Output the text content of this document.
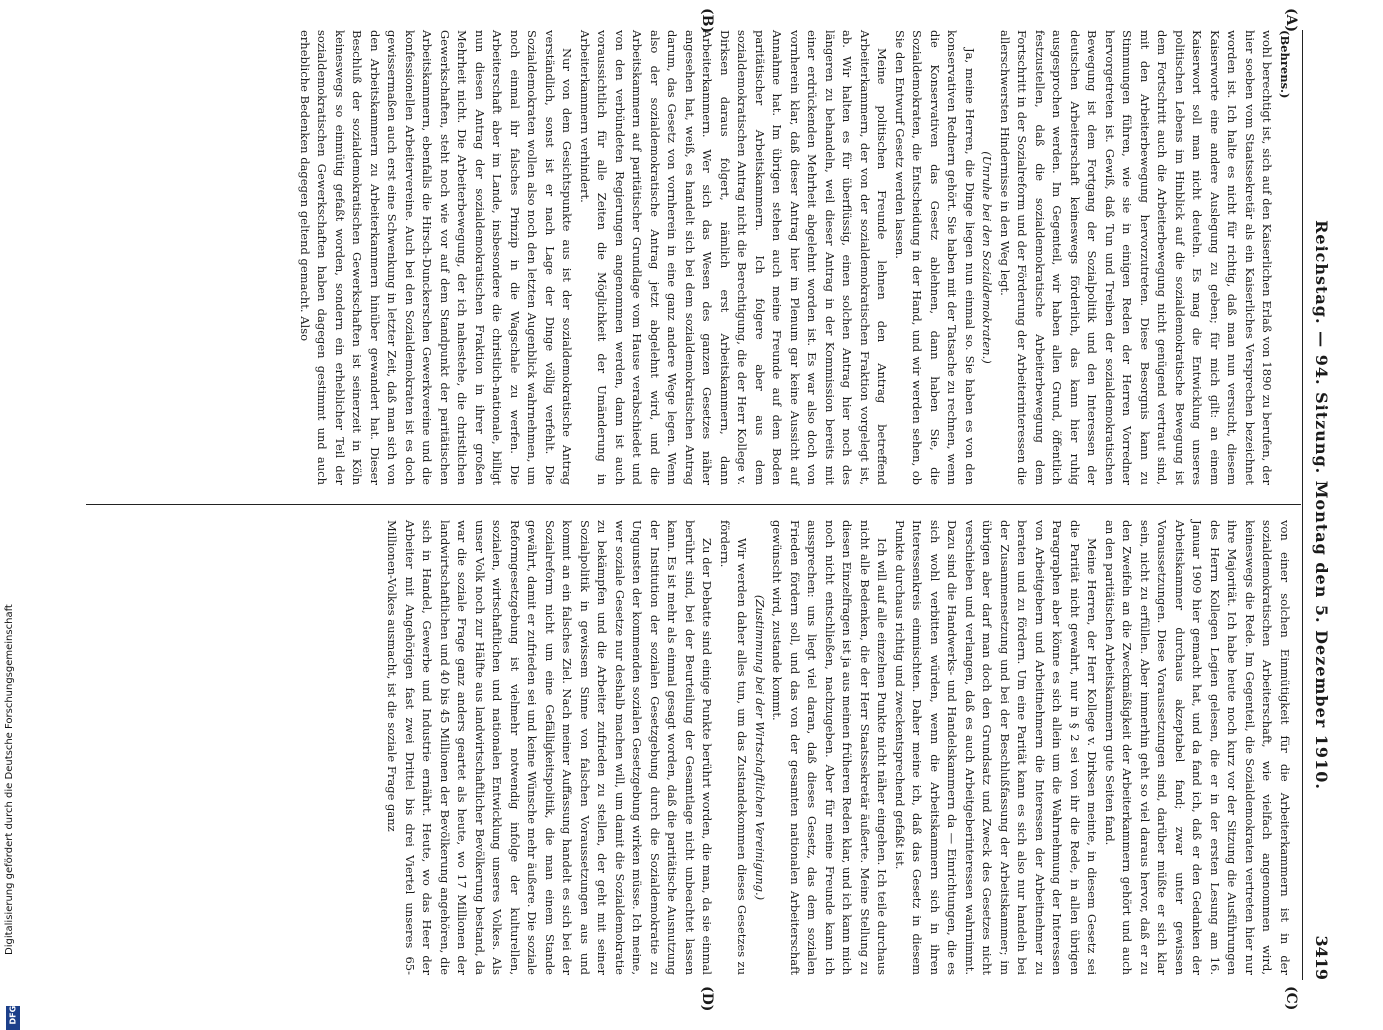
Digitalisierung gefördert durch die Deutsche Forschungsgemeinschaft
DFG
Reichstag. — 94. Sitzung. Montag den 5. Dezember 1910.
3419
(A)
(B)
(C)
(D)

(Behrens.)

wohl berechtigt ist, sich auf den Kaiserlichen Erlaß von 1890 zu berufen, der hier soeben vom Staatssekretär als ein Kaiserliches Versprechen bezeichnet worden ist. Ich halte es nicht für richtig, daß man nun versucht, diesem Kaiserworte eine andere Auslegung zu geben; für mich gilt: an einem Kaiserwort soll man nicht deuteln. Es mag die Entwicklung unseres politischen Lebens im Hinblick auf die sozialdemokratische Bewegung ist dem Fortschritt auch die Arbeiterbewegung nicht genügend vertraut sind, mit den Arbeiterbewegung hervorzutreten. Diese Besorgnis kann zu Stimmungen führen, wie sie in einigen Reden der Herren Vorredner hervorgetreten ist. Gewiß, daß Tun und Treiben der sozialdemokratischen Bewegung ist dem Fortgang der Sozialpolitik und den Interessen der deutschen Arbeiterschaft keineswegs förderlich, das kann hier ruhig ausgesprochen werden. Im Gegenteil, wir haben allen Grund, öffentlich festzustellen, daß die sozialdemokratische Arbeiterbewegung dem Fortschritt in der Sozialreform und der Förderung der Arbeiterinteressen die allerschwersten Hindernisse in den Weg legt.

(Unruhe bei den Sozialdemokraten.)

Ja, meine Herren, die Dinge liegen nun einmal so. Sie haben es von den konservativen Rednern gehört. Sie haben mit der Tatsache zu rechnen, wenn die Konservativen das Gesetz ablehnen, dann haben Sie, die Sozialdemokraten, die Entscheidung in der Hand, und wir werden sehen, ob Sie den Entwurf Gesetz werden lassen.

Meine politischen Freunde lehnen den Antrag betreffend Arbeiterkammern, der von der sozialdemokratischen Fraktion vorgelegt ist, ab. Wir halten es für überflüssig, einen solchen Antrag hier noch des längeren zu behandeln, weil dieser Antrag in der Kommission bereits mit einer erdrückenden Mehrheit abgelehnt worden ist. Es war also doch von vornherein klar, daß dieser Antrag hier im Plenum gar keine Aussicht auf Annahme hat. Im übrigen stehen auch meine Freunde auf dem Boden paritätischer Arbeitskammern. Ich folgere aber aus dem sozialdemokratischen Antrag nicht die Berechtigung, die der Herr Kollege v. Dirksen daraus folgert, nämlich erst Arbeitskammern, dann Arbeiterkammern. Wer sich das Wesen des ganzen Gesetzes näher angesehen hat, weiß, es handelt sich bei dem sozialdemokratischen Antrag darum, das Gesetz von vornherein in eine ganz andere Wege legen. Wenn also der sozialdemokratische Antrag jetzt abgelehnt wird, und die Arbeitskammern auf paritätischer Grundlage vom Hause verabschiedet und von den verbündeten Regierungen angenommen werden, dann ist auch voraussichtlich für alle Zeiten die Möglichkeit der Umänderung in Arbeiterkammern verhindert.

Nur von dem Gesichtspunkte aus ist der sozialdemokratische Antrag verständlich, sonst ist er nach Lage der Dinge völlig verfehlt. Die Sozialdemokraten wollen also noch den letzten Augenblick wahrnehmen, um noch einmal ihr falsches Prinzip in die Wagschale zu werfen. Die Arbeiterschaft aber im Lande, insbesondere die christlich-nationale, billigt nun diesen Antrag der sozialdemokratischen Fraktion in ihrer großen Mehrheit nicht. Die Arbeiterbewegung, der ich nahestehe, die christlichen Gewerkschaften, steht noch wie vor auf dem Standpunkt der paritätischen Arbeitskammern, ebenfalls die Hirsch-Dunckerschen Gewerkvereine und die konfessionellen Arbeitervereine. Auch bei den Sozialdemokraten ist es doch gewissermaßen auch erst eine Schwenkung in letzter Zeit, daß man sich von den Arbeitskammern zu Arbeiterkammern hinüber gewandert hat. Dieser Beschluß der sozialdemokratischen Gewerkschaften ist seinerzeit in Köln keineswegs so einmütig gefaßt worden, sondern ein erheblicher Teil der sozialdemokratischen Gewerkschaften haben dagegen gestimmt und auch erhebliche Bedenken dagegen geltend gemacht. Also

von einer solchen Einmütigkeit für die Arbeiterkammern ist in der sozialdemokratischen Arbeiterschaft, wie vielfach angenommen wird, keineswegs die Rede. Im Gegenteil, die Sozialdemokraten vertreten hier nur ihre Majorität. Ich habe heute noch kurz vor der Sitzung die Ausführungen des Herrn Kollegen Legien gelesen, die er in der ersten Lesung am 16. Januar 1909 hier gemacht hat, und da fand ich, daß er den Gedanken der Arbeitskammer durchaus akzeptabel fand; zwar unter gewissen Voraussetzungen. Diese Voraussetzungen sind, darüber müßte er sich klar sein, nicht zu erfüllen. Aber immerhin geht so viel daraus hervor, daß er zu den Zweifeln an die Zweckmäßigkeit der Arbeiterkammern gehört und auch an den paritätischen Arbeitskammern gute Seiten fand.

Meine Herren, der Herr Kollege v. Dirksen meinte, in diesem Gesetz sei die Parität nicht gewahrt, nur in § 2 sei von ihr die Rede, in allen übrigen Paragraphen aber könne es sich allein um die Wahrnehmung der Interessen von Arbeitgebern und Arbeitnehmern die Interessen der Arbeitnehmer zu beraten und zu fördern. Um eine Parität kann es sich also nur handeln bei der Zusammensetzung und bei der Beschlußfassung der Arbeitskammer; im übrigen aber darf man doch den Grundsatz und Zweck des Gesetzes nicht verschieben und verlangen, daß es auch Arbeitgeberinteressen wahrnimmt. Dazu sind die Handwerks- und Handelskammern da — Einrichtungen, die es sich wohl verbitten würden, wenn die Arbeitskammern sich in ihren Interessenkreis einmischten. Daher meine ich, daß das Gesetz in diesem Punkte durchaus richtig und zweckentsprechend gefaßt ist.

Ich will auf alle einzelnen Punkte nicht näher eingehen. Ich teile durchaus nicht alle Bedenken, die der Herr Staatssekretär äußerte. Meine Stellung zu diesen Einzelfragen ist ja aus meinen früheren Reden klar, und ich kann mich noch nicht entschließen, nachzugeben. Aber für meine Freunde kann ich aussprechen: uns liegt viel daran, daß dieses Gesetz, das dem sozialen Frieden fördern soll, und das von der gesamten nationalen Arbeiterschaft gewünscht wird, zustande kommt.

(Zustimmung bei der Wirtschaftlichen Vereinigung.)

Wir werden daher alles tun, um das Zustandekommen dieses Gesetzes zu fördern.

Zu der Debatte sind einige Punkte berührt worden, die man, da sie einmal berührt sind, bei der Beurteilung der Gesamtlage nicht unbeachtet lassen kann. Es ist mehr als einmal gesagt worden, daß die paritätische Ausnutzung der Institution der sozialen Gesetzgebung durch die Sozialdemokratie zu Ungunsten der kommenden sozialen Gesetzgebung wirken müsse. Ich meine, wer soziale Gesetze nur deshalb machen will, um damit die Sozialdemokratie zu bekämpfen und die Arbeiter zufrieden zu stellen, der geht mit seiner Sozialpolitik in gewissem Sinne von falschen Voraussetzungen aus und kommt an ein falsches Ziel. Nach meiner Auffassung handelt es sich bei der Sozialreform nicht um eine Gefälligkeitspolitik, die man einem Stande gewährt, damit er zufrieden sei und keine Wünsche mehr äußere. Die soziale Reformgesetzgebung ist vielmehr notwendig infolge der kulturellen, sozialen, wirtschaftlichen und nationalen Entwicklung unseres Volkes. Als unser Volk noch zur Hälfte aus landwirtschaftlicher Bevölkerung bestand, da war die soziale Frage ganz anders geartet als heute, wo 17 Millionen der landwirtschaftlichen und 40 bis 45 Millionen der Bevölkerung angehören, die sich in Handel, Gewerbe und Industrie ernährt. Heute, wo das Heer der Arbeiter mit Angehörigen fast zwei Drittel bis drei Viertel unseres 65-Millionen-Volkes ausmacht, ist die soziale Frage ganz
